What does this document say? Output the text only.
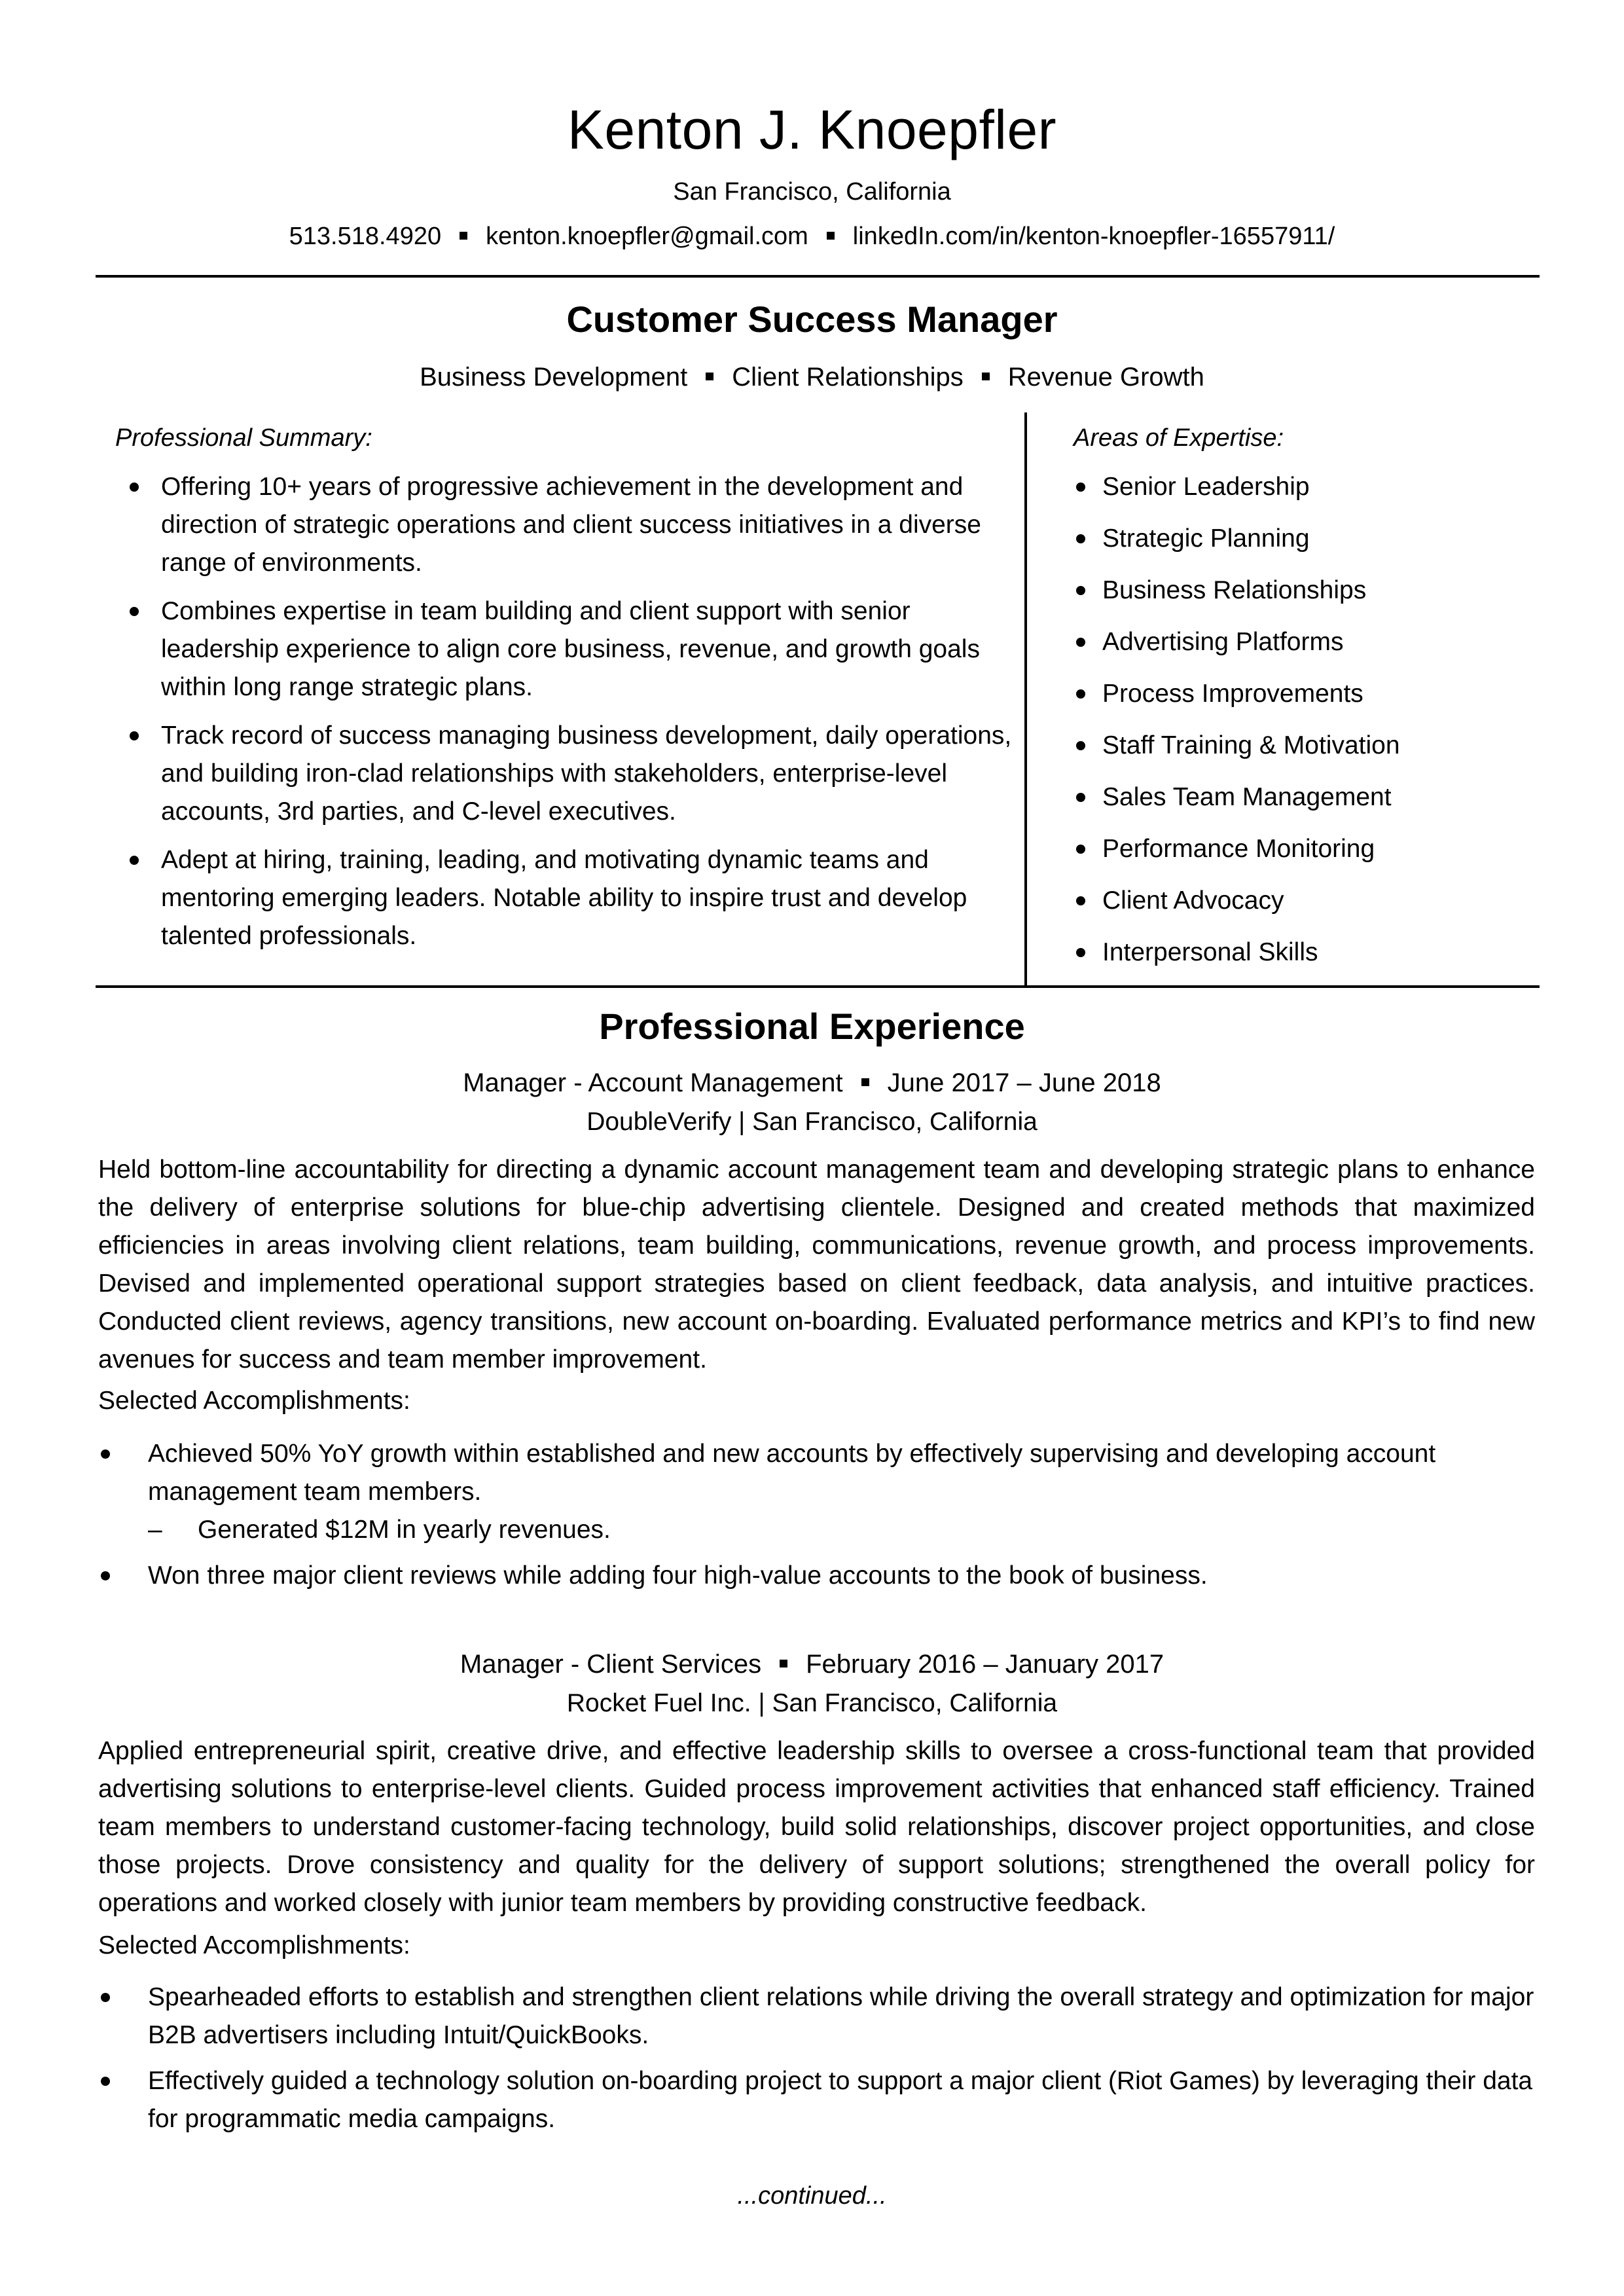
Kenton J. Knoepfler
San Francisco, California
513.518.4920 kenton.knoepfler@gmail.com linkedIn.com/in/kenton-knoepfler-16557911/
Customer Success Manager
Business Development Client Relationships Revenue Growth
Professional Summary:
Offering 10+ years of progressive achievement in the development and direction of strategic operations and client success initiatives in a diverse range of environments.
Combines expertise in team building and client support with senior leadership experience to align core business, revenue, and growth goals within long range strategic plans.
Track record of success managing business development, daily operations, and building iron-clad relationships with stakeholders, enterprise-level accounts, 3rd parties, and C-level executives.
Adept at hiring, training, leading, and motivating dynamic teams and mentoring emerging leaders. Notable ability to inspire trust and develop talented professionals.
Areas of Expertise:
Senior Leadership
Strategic Planning
Business Relationships
Advertising Platforms
Process Improvements
Staff Training & Motivation
Sales Team Management
Performance Monitoring
Client Advocacy
Interpersonal Skills
Professional Experience
Manager - Account Management June 2017 – June 2018
DoubleVerify | San Francisco, California
Held bottom-line accountability for directing a dynamic account management team and developing strategic plans to enhance the delivery of enterprise solutions for blue-chip advertising clientele. Designed and created methods that maximized efficiencies in areas involving client relations, team building, communications, revenue growth, and process improvements. Devised and implemented operational support strategies based on client feedback, data analysis, and intuitive practices. Conducted client reviews, agency transitions, new account on-boarding. Evaluated performance metrics and KPI’s to find new avenues for success and team member improvement.
Selected Accomplishments:
Achieved 50% YoY growth within established and new accounts by effectively supervising and developing account management team members.
– Generated $12M in yearly revenues.
Won three major client reviews while adding four high-value accounts to the book of business.
Manager - Client Services February 2016 – January 2017
Rocket Fuel Inc. | San Francisco, California
Applied entrepreneurial spirit, creative drive, and effective leadership skills to oversee a cross-functional team that provided advertising solutions to enterprise-level clients. Guided process improvement activities that enhanced staff efficiency. Trained team members to understand customer-facing technology, build solid relationships, discover project opportunities, and close those projects. Drove consistency and quality for the delivery of support solutions; strengthened the overall policy for operations and worked closely with junior team members by providing constructive feedback.
Selected Accomplishments:
Spearheaded efforts to establish and strengthen client relations while driving the overall strategy and optimization for major B2B advertisers including Intuit/QuickBooks.
Effectively guided a technology solution on-boarding project to support a major client (Riot Games) by leveraging their data for programmatic media campaigns.
...continued...
